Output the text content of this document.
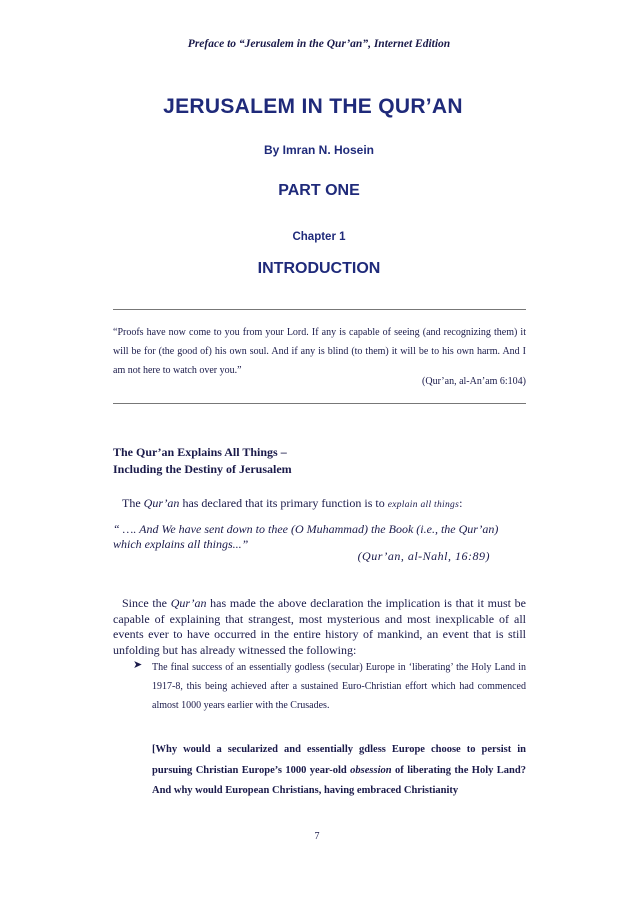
Preface to “Jerusalem in the Qur’an”, Internet Edition
JERUSALEM IN THE QUR’AN
By Imran N. Hosein
PART ONE
Chapter 1
INTRODUCTION
“Proofs have now come to you from your Lord. If any is capable of seeing (and recognizing them) it will be for (the good of) his own soul. And if any is blind (to them) it will be to his own harm. And I am not here to watch over you.”
(Qur’an, al-An’am 6:104)
The Qur’an Explains All Things –
Including the Destiny of Jerusalem
The Qur’an has declared that its primary function is to explain all things:
“ …. And We have sent down to thee (O Muhammad) the Book (i.e., the Qur’an) which explains all things...”
(Qur’an, al-Nahl, 16:89)
Since the Qur’an has made the above declaration the implication is that it must be capable of explaining that strangest, most mysterious and most inexplicable of all events ever to have occurred in the entire history of mankind, an event that is still unfolding but has already witnessed the following:
➤ The final success of an essentially godless (secular) Europe in ‘liberating’ the Holy Land in 1917-8, this being achieved after a sustained Euro-Christian effort which had commenced almost 1000 years earlier with the Crusades.
[Why would a secularized and essentially gdless Europe choose to persist in pursuing Christian Europe’s 1000 year-old obsession of liberating the Holy Land? And why would European Christians, having embraced Christianity
7
